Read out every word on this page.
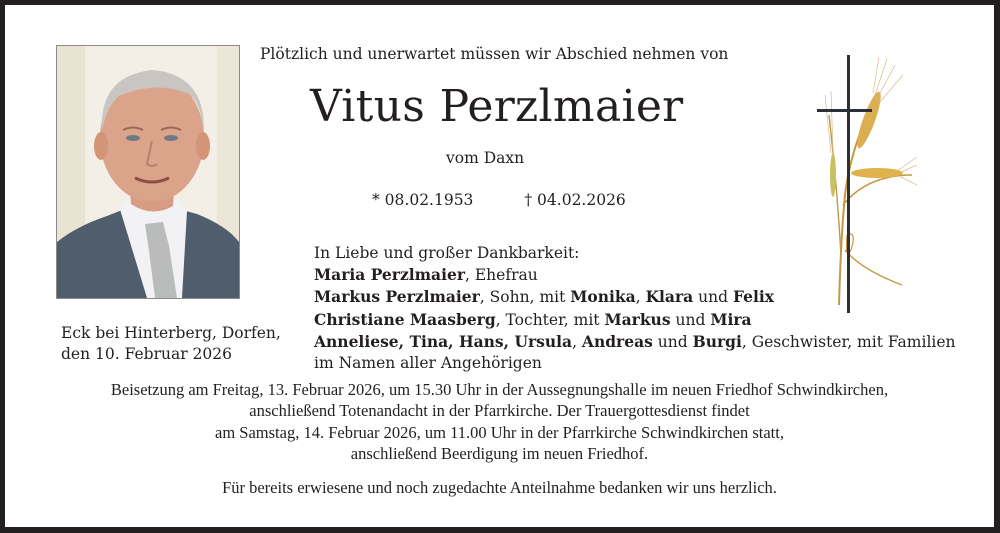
Plötzlich und unerwartet müssen wir Abschied nehmen von
Vitus Perzlmaier
vom Daxn
* 08.02.1953	† 04.02.2026
In Liebe und großer Dankbarkeit:
Maria Perzlmaier, Ehefrau
Markus Perzlmaier, Sohn, mit Monika, Klara und Felix
Christiane Maasberg, Tochter, mit Markus und Mira
Anneliese, Tina, Hans, Ursula, Andreas und Burgi, Geschwister, mit Familien
im Namen aller Angehörigen
Eck bei Hinterberg, Dorfen,
den 10. Februar 2026
Beisetzung am Freitag, 13. Februar 2026, um 15.30 Uhr in der Aussegnungshalle im neuen Friedhof Schwindkirchen,
anschließend Totenandacht in der Pfarrkirche. Der Trauergottesdienst findet
am Samstag, 14. Februar 2026, um 11.00 Uhr in der Pfarrkirche Schwindkirchen statt,
anschließend Beerdigung im neuen Friedhof.
Für bereits erwiesene und noch zugedachte Anteilnahme bedanken wir uns herzlich.
